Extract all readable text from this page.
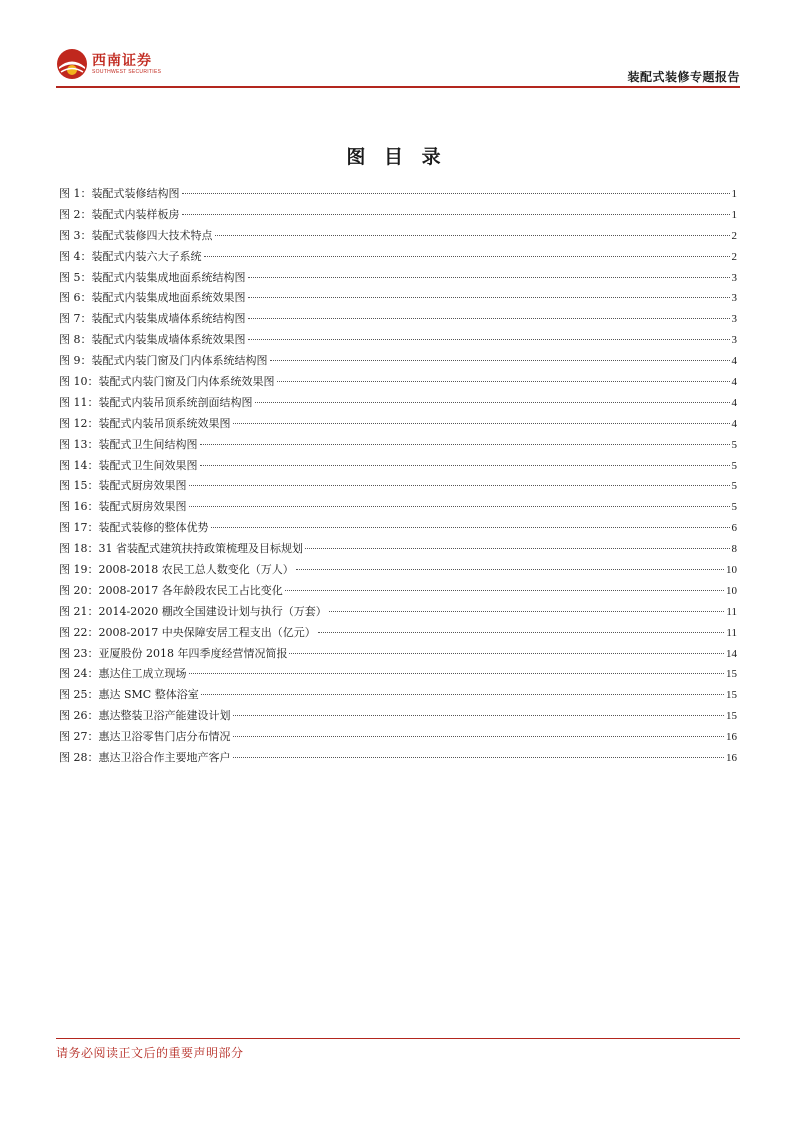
西南证券
SOUTHWEST SECURITIES	装配式装修专题报告
图 目 录
图 1：装配式装修结构图	1
图 2：装配式内装样板房	1
图 3：装配式装修四大技术特点	2
图 4：装配式内装六大子系统	2
图 5：装配式内装集成地面系统结构图	3
图 6：装配式内装集成地面系统效果图	3
图 7：装配式内装集成墙体系统结构图	3
图 8：装配式内装集成墙体系统效果图	3
图 9：装配式内装门窗及门内体系统结构图	4
图 10：装配式内装门窗及门内体系统效果图	4
图 11：装配式内装吊顶系统剖面结构图	4
图 12：装配式内装吊顶系统效果图	4
图 13：装配式卫生间结构图	5
图 14：装配式卫生间效果图	5
图 15：装配式厨房效果图	5
图 16：装配式厨房效果图	5
图 17：装配式装修的整体优势	6
图 18：31 省装配式建筑扶持政策梳理及目标规划	8
图 19：2008-2018 农民工总人数变化（万人）	10
图 20：2008-2017 各年龄段农民工占比变化	10
图 21：2014-2020 棚改全国建设计划与执行（万套）	11
图 22：2008-2017 中央保障安居工程支出（亿元）	11
图 23：亚厦股份 2018 年四季度经营情况简报	14
图 24：惠达住工成立现场	15
图 25：惠达 SMC 整体浴室	15
图 26：惠达整装卫浴产能建设计划	15
图 27：惠达卫浴零售门店分布情况	16
图 28：惠达卫浴合作主要地产客户	16
请务必阅读正文后的重要声明部分
